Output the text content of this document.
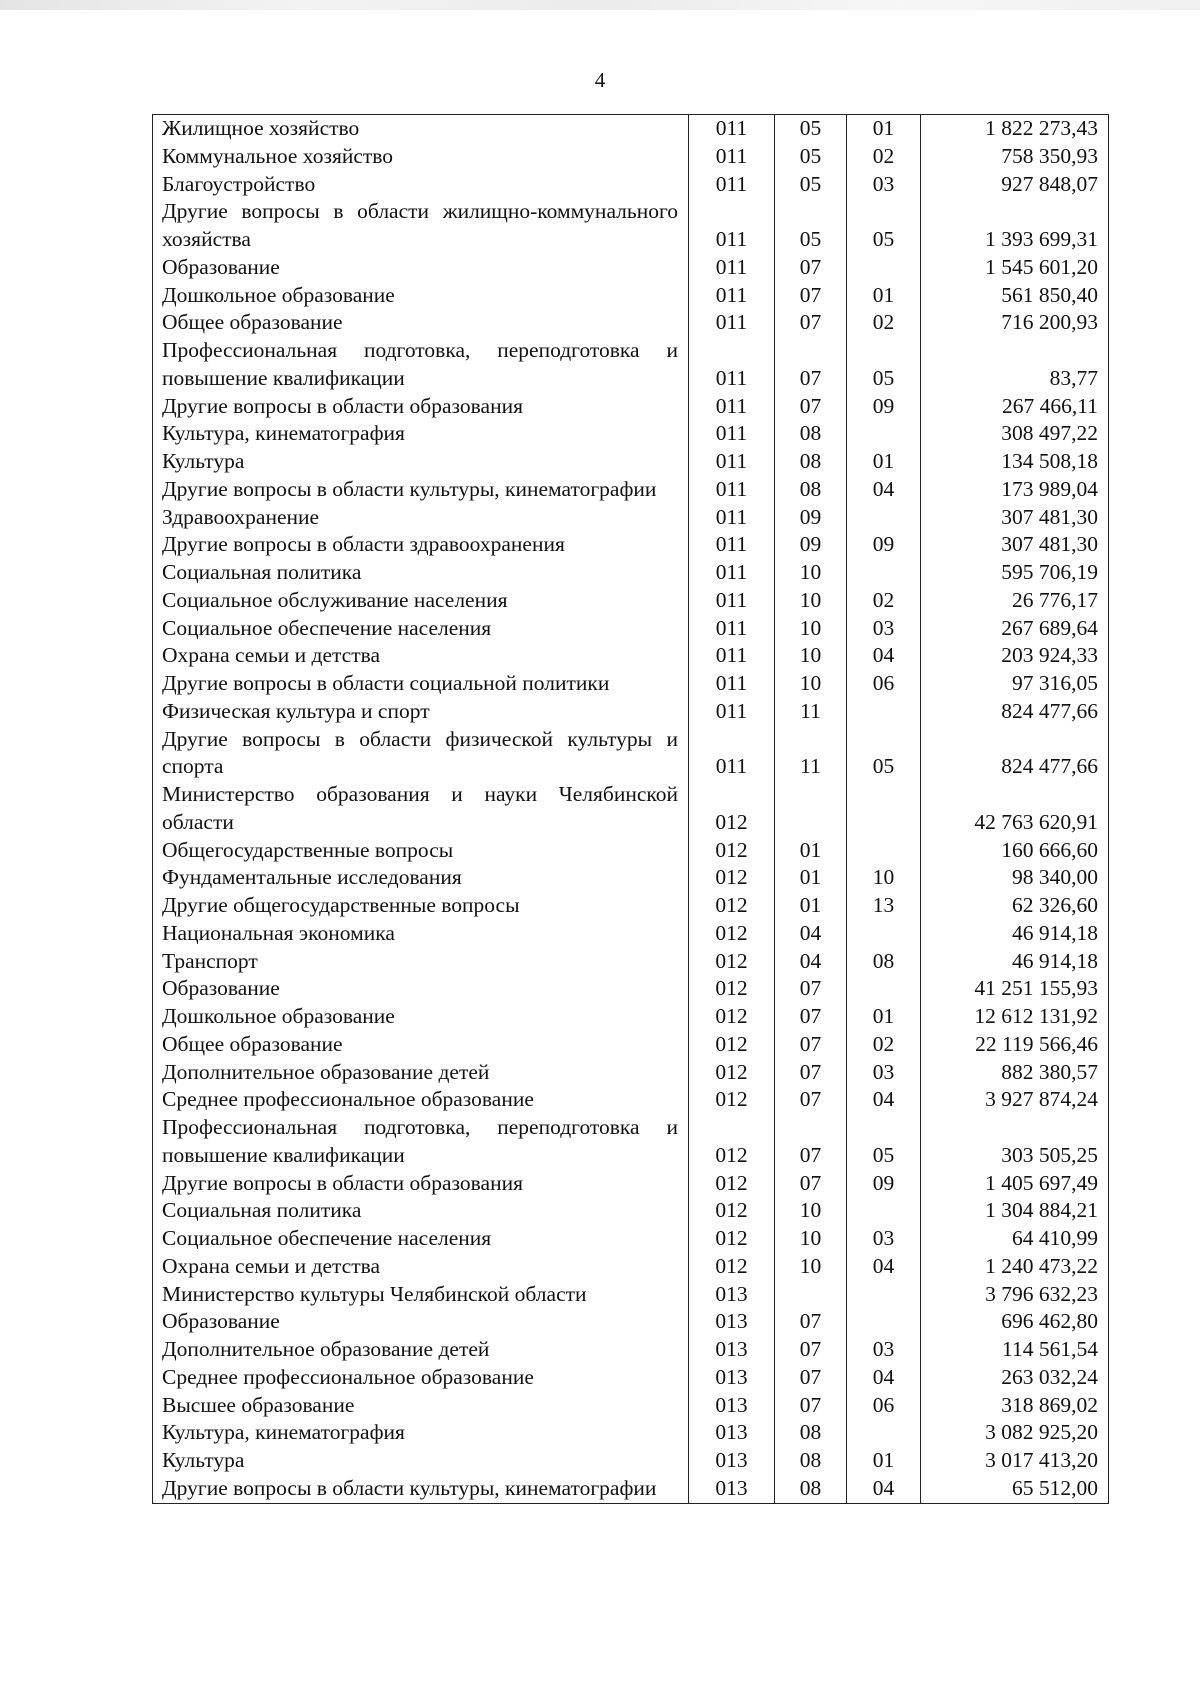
4
Жилищное хозяйство	011	05	01	1 822 273,43
Коммунальное хозяйство	011	05	02	758 350,93
Благоустройство	011	05	03	927 848,07
Другие вопросы в области жилищно-коммунального хозяйства	011	05	05	1 393 699,31
Образование	011	07		1 545 601,20
Дошкольное образование	011	07	01	561 850,40
Общее образование	011	07	02	716 200,93
Профессиональная подготовка, переподготовка и повышение квалификации	011	07	05	83,77
Другие вопросы в области образования	011	07	09	267 466,11
Культура, кинематография	011	08		308 497,22
Культура	011	08	01	134 508,18
Другие вопросы в области культуры, кинематографии	011	08	04	173 989,04
Здравоохранение	011	09		307 481,30
Другие вопросы в области здравоохранения	011	09	09	307 481,30
Социальная политика	011	10		595 706,19
Социальное обслуживание населения	011	10	02	26 776,17
Социальное обеспечение населения	011	10	03	267 689,64
Охрана семьи и детства	011	10	04	203 924,33
Другие вопросы в области социальной политики	011	10	06	97 316,05
Физическая культура и спорт	011	11		824 477,66
Другие вопросы в области физической культуры и спорта	011	11	05	824 477,66
Министерство образования и науки Челябинской области	012			42 763 620,91
Общегосударственные вопросы	012	01		160 666,60
Фундаментальные исследования	012	01	10	98 340,00
Другие общегосударственные вопросы	012	01	13	62 326,60
Национальная экономика	012	04		46 914,18
Транспорт	012	04	08	46 914,18
Образование	012	07		41 251 155,93
Дошкольное образование	012	07	01	12 612 131,92
Общее образование	012	07	02	22 119 566,46
Дополнительное образование детей	012	07	03	882 380,57
Среднее профессиональное образование	012	07	04	3 927 874,24
Профессиональная подготовка, переподготовка и повышение квалификации	012	07	05	303 505,25
Другие вопросы в области образования	012	07	09	1 405 697,49
Социальная политика	012	10		1 304 884,21
Социальное обеспечение населения	012	10	03	64 410,99
Охрана семьи и детства	012	10	04	1 240 473,22
Министерство культуры Челябинской области	013			3 796 632,23
Образование	013	07		696 462,80
Дополнительное образование детей	013	07	03	114 561,54
Среднее профессиональное образование	013	07	04	263 032,24
Высшее образование	013	07	06	318 869,02
Культура, кинематография	013	08		3 082 925,20
Культура	013	08	01	3 017 413,20
Другие вопросы в области культуры, кинематографии	013	08	04	65 512,00
